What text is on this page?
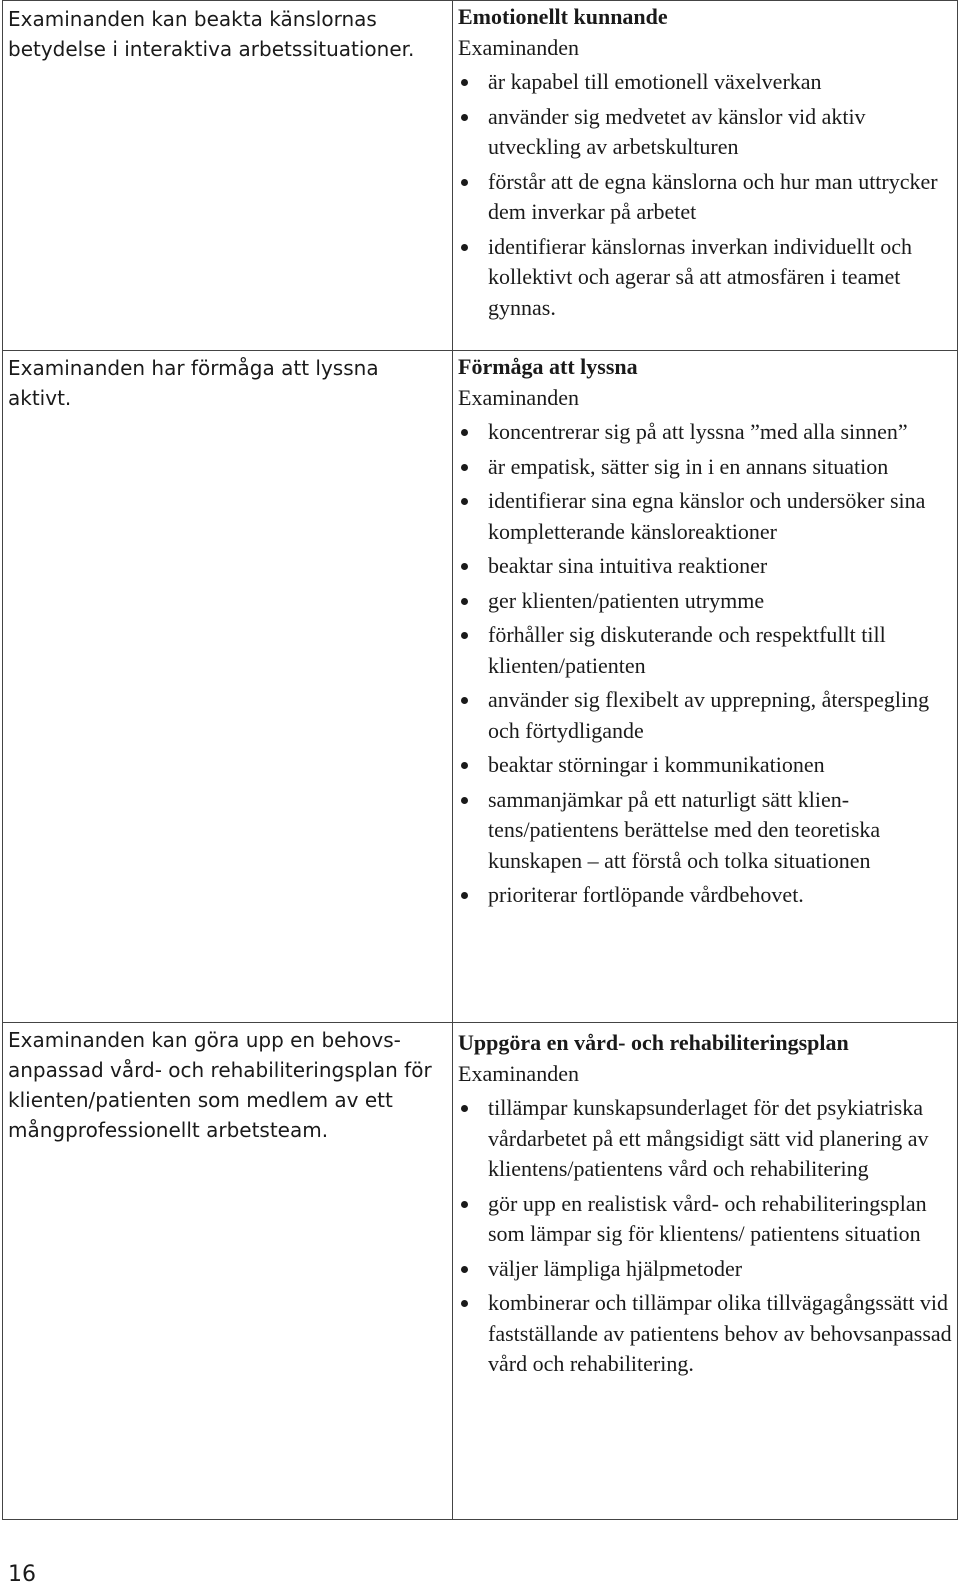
Examinanden kan beakta känslornas betydelse i interaktiva arbetssituationer.
Emotionellt kunnande

Examinanden

är kapabel till emotionell växelverkan
använder sig medvetet av känslor vid aktiv utveckling av arbetskulturen
förstår att de egna känslorna och hur man uttrycker dem inverkar på arbetet
identifierar känslornas inverkan individuellt och kollektivt och agerar så att atmosfären i teamet gynnas.
Examinanden har förmåga att lyssna aktivt.
Förmåga att lyssna

Examinanden

koncentrerar sig på att lyssna ”med alla sinnen”
är empatisk, sätter sig in i en annans situation
identifierar sina egna känslor och undersöker sina kompletterande känsloreaktioner
beaktar sina intuitiva reaktioner
ger klienten/patienten utrymme
förhåller sig diskuterande och respektfullt till klienten/patienten
använder sig flexibelt av upprepning, återspegling och förtydligande
beaktar störningar i kommunikationen
sammanjämkar på ett naturligt sätt klientens/patientens berättelse med den teoretiska kunskapen – att förstå och tolka situationen
prioriterar fortlöpande vårdbehovet.
Examinanden kan göra upp en behovsanpassad vård- och rehabiliteringsplan för klienten/patienten som medlem av ett mångprofessionellt arbetsteam.
Uppgöra en vård- och rehabiliteringsplan

Examinanden

tillämpar kunskapsunderlaget för det psykiatriska vårdarbetet på ett mångsidigt sätt vid planering av klientens/patientens vård och rehabilitering
gör upp en realistisk vård- och rehabiliteringsplan som lämpar sig för klientens/ patientens situation
väljer lämpliga hjälpmetoder
kombinerar och tillämpar olika tillvägagångssätt vid fastställande av patientens behov av behovsanpassad vård och rehabilitering.
16
